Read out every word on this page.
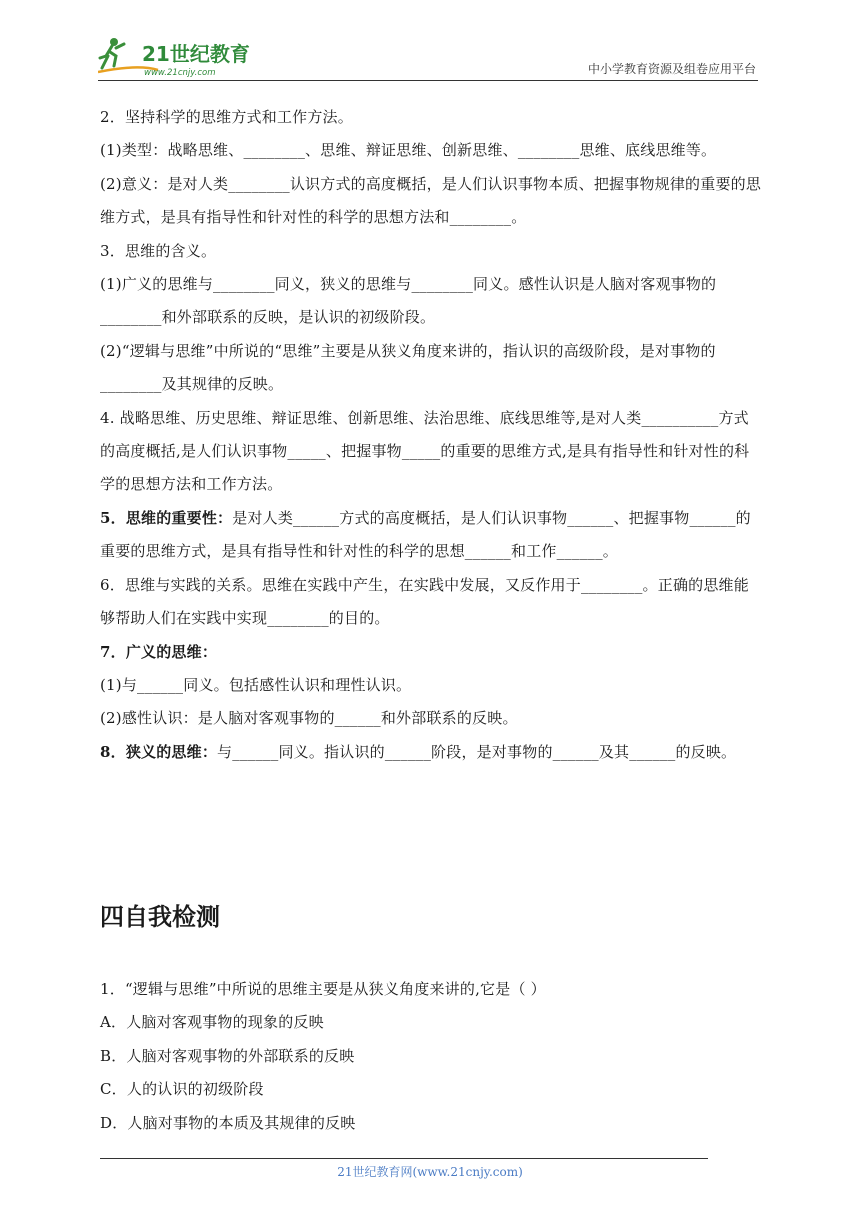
21世纪教育
www.21cnjy.com	中小学教育资源及组卷应用平台

2．坚持科学的思维方式和工作方法。

(1)类型：战略思维、________、思维、辩证思维、创新思维、________思维、底线思维等。

(2)意义：是对人类________认识方式的高度概括，是人们认识事物本质、把握事物规律的重要的思维方式，是具有指导性和针对性的科学的思想方法和________。

3．思维的含义。

(1)广义的思维与________同义，狭义的思维与________同义。感性认识是人脑对客观事物的________和外部联系的反映，是认识的初级阶段。

(2)“逻辑与思维”中所说的“思维”主要是从狭义角度来讲的，指认识的高级阶段，是对事物的________及其规律的反映。

4. 战略思维、历史思维、辩证思维、创新思维、法治思维、底线思维等,是对人类__________方式的高度概括,是人们认识事物_____、把握事物_____的重要的思维方式,是具有指导性和针对性的科学的思想方法和工作方法。

5．思维的重要性：是对人类______方式的高度概括，是人们认识事物______、把握事物______的重要的思维方式，是具有指导性和针对性的科学的思想______和工作______。

6．思维与实践的关系。思维在实践中产生，在实践中发展，又反作用于________。正确的思维能够帮助人们在实践中实现________的目的。

7．广义的思维：

(1)与______同义。包括感性认识和理性认识。

(2)感性认识：是人脑对客观事物的______和外部联系的反映。

8．狭义的思维：与______同义。指认识的______阶段，是对事物的______及其______的反映。

四自我检测

1．“逻辑与思维”中所说的思维主要是从狭义角度来讲的,它是（ ）

A．人脑对客观事物的现象的反映

B．人脑对客观事物的外部联系的反映

C．人的认识的初级阶段

D．人脑对事物的本质及其规律的反映

21世纪教育网(www.21cnjy.com)
